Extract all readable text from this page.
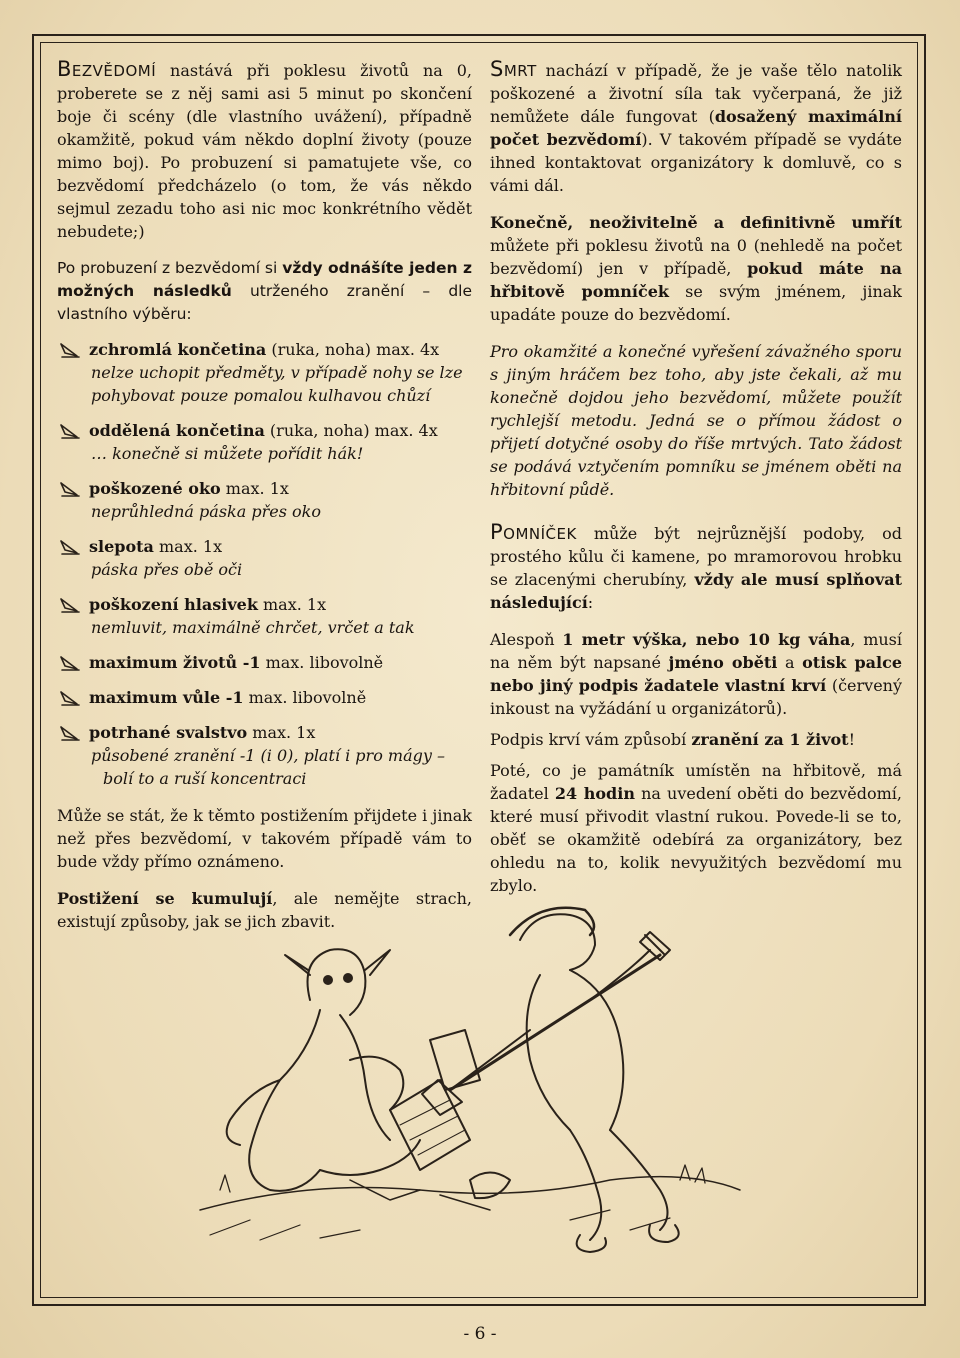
Bezvědomí nastává při poklesu životů na 0, proberete se z něj sami asi 5 minut po skončení boje či scény (dle vlastního uvážení), případně okamžitě, pokud vám někdo doplní životy (pouze mimo boj). Po probuzení si pamatujete vše, co bezvědomí předcházelo (o tom, že vás někdo sejmul zezadu toho asi nic moc konkrétního vědět nebudete;)

Po probuzení z bezvědomí si vždy odnášíte jeden z možných následků utrženého zranění – dle vlastního výběru:

zchromlá končetina (ruka, noha) max. 4x

nelze uchopit předměty, v případě nohy se lze pohybovat pouze pomalou kulhavou chůzí

oddělená končetina (ruka, noha) max. 4x

… konečně si můžete pořídit hák!

poškozené oko max. 1x

neprůhledná páska přes oko

slepota max. 1x

páska přes obě oči

poškození hlasivek max. 1x

nemluvit, maximálně chrčet, vrčet a tak

maximum životů -1 max. libovolně
maximum vůle -1 max. libovolně
potrhané svalstvo max. 1x

působené zranění -1 (i 0), platí i pro mágy –

bolí to a ruší koncentraci

Může se stát, že k těmto postižením přijdete i jinak než přes bezvědomí, v takovém případě vám to bude vždy přímo oznámeno.

Postižení se kumulují, ale nemějte strach, existují způsoby, jak se jich zbavit.

Smrt nachází v případě, že je vaše tělo natolik poškozené a životní síla tak vyčerpaná, že již nemůžete dále fungovat (dosažený maximální počet bezvědomí). V takovém případě se vydáte ihned kontaktovat organizátory k domluvě, co s vámi dál.

Konečně, neoživitelně a definitivně umřít můžete při poklesu životů na 0 (nehledě na počet bezvědomí) jen v případě, pokud máte na hřbitově pomníček se svým jménem, jinak upadáte pouze do bezvědomí.

Pro okamžité a konečné vyřešení závažného sporu s jiným hráčem bez toho, aby jste čekali, až mu konečně dojdou jeho bezvědomí, můžete použít rychlejší metodu. Jedná se o přímou žádost o přijetí dotyčné osoby do říše mrtvých. Tato žádost se podává vztyčením pomníku se jménem oběti na hřbitovní půdě.

Pomníček může být nejrůznější podoby, od prostého kůlu či kamene, po mramorovou hrobku se zlacenými cherubíny, vždy ale musí splňovat následující:

Alespoň 1 metr výška, nebo 10 kg váha, musí na něm být napsané jméno oběti a otisk palce nebo jiný podpis žadatele vlastní krví (červený inkoust na vyžádání u organizátorů).

Podpis krví vám způsobí zranění za 1 život!

Poté, co je památník umístěn na hřbitově, má žadatel 24 hodin na uvedení oběti do bezvědomí, které musí přivodit vlastní rukou. Povede-li se to, oběť se okamžitě odebírá za organizátory, bez ohledu na to, kolik nevyužitých bezvědomí mu zbylo.

- 6 -
